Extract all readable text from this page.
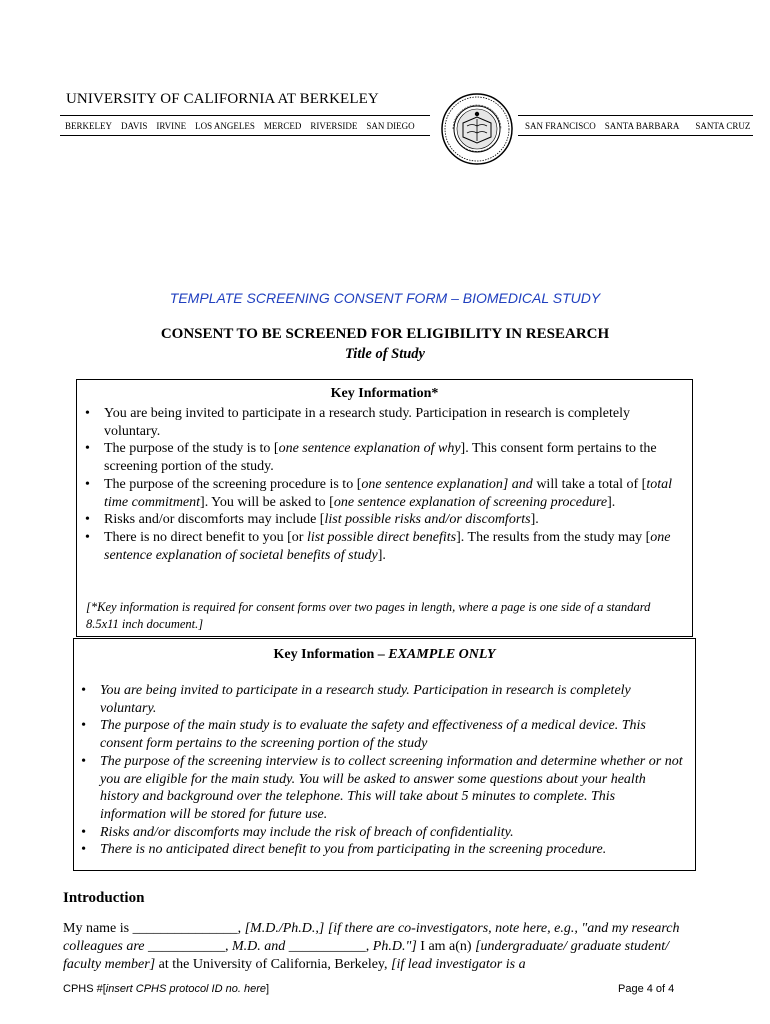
UNIVERSITY OF CALIFORNIA AT BERKELEY
BERKELEY DAVIS IRVINE LOS ANGELES MERCED RIVERSIDE SAN DIEGO	SAN FRANCISCO SANTA BARBARA SANTA CRUZ
TEMPLATE SCREENING CONSENT FORM – BIOMEDICAL STUDY
CONSENT TO BE SCREENED FOR ELIGIBILITY IN RESEARCH
Title of Study
Key Information*
• You are being invited to participate in a research study. Participation in research is completely voluntary.
• The purpose of the study is to [one sentence explanation of why]. This consent form pertains to the screening portion of the study.
• The purpose of the screening procedure is to [one sentence explanation] and will take a total of [total time commitment]. You will be asked to [one sentence explanation of screening procedure].
• Risks and/or discomforts may include [list possible risks and/or discomforts].
• There is no direct benefit to you [or list possible direct benefits]. The results from the study may [one sentence explanation of societal benefits of study].
[*Key information is required for consent forms over two pages in length, where a page is one side of a standard 8.5x11 inch document.]
Key Information – EXAMPLE ONLY
• You are being invited to participate in a research study. Participation in research is completely voluntary.
• The purpose of the main study is to evaluate the safety and effectiveness of a medical device. This consent form pertains to the screening portion of the study
• The purpose of the screening interview is to collect screening information and determine whether or not you are eligible for the main study. You will be asked to answer some questions about your health history and background over the telephone. This will take about 5 minutes to complete. This information will be stored for future use.
• Risks and/or discomforts may include the risk of breach of confidentiality.
• There is no anticipated direct benefit to you from participating in the screening procedure.
Introduction
My name is _______________, [M.D./Ph.D.,] [if there are co-investigators, note here, e.g., "and my research colleagues are ___________, M.D. and ___________, Ph.D."] I am a(n) [undergraduate/ graduate student/ faculty member] at the University of California, Berkeley, [if lead investigator is a
CPHS #[insert CPHS protocol ID no. here]	Page 4 of 4
